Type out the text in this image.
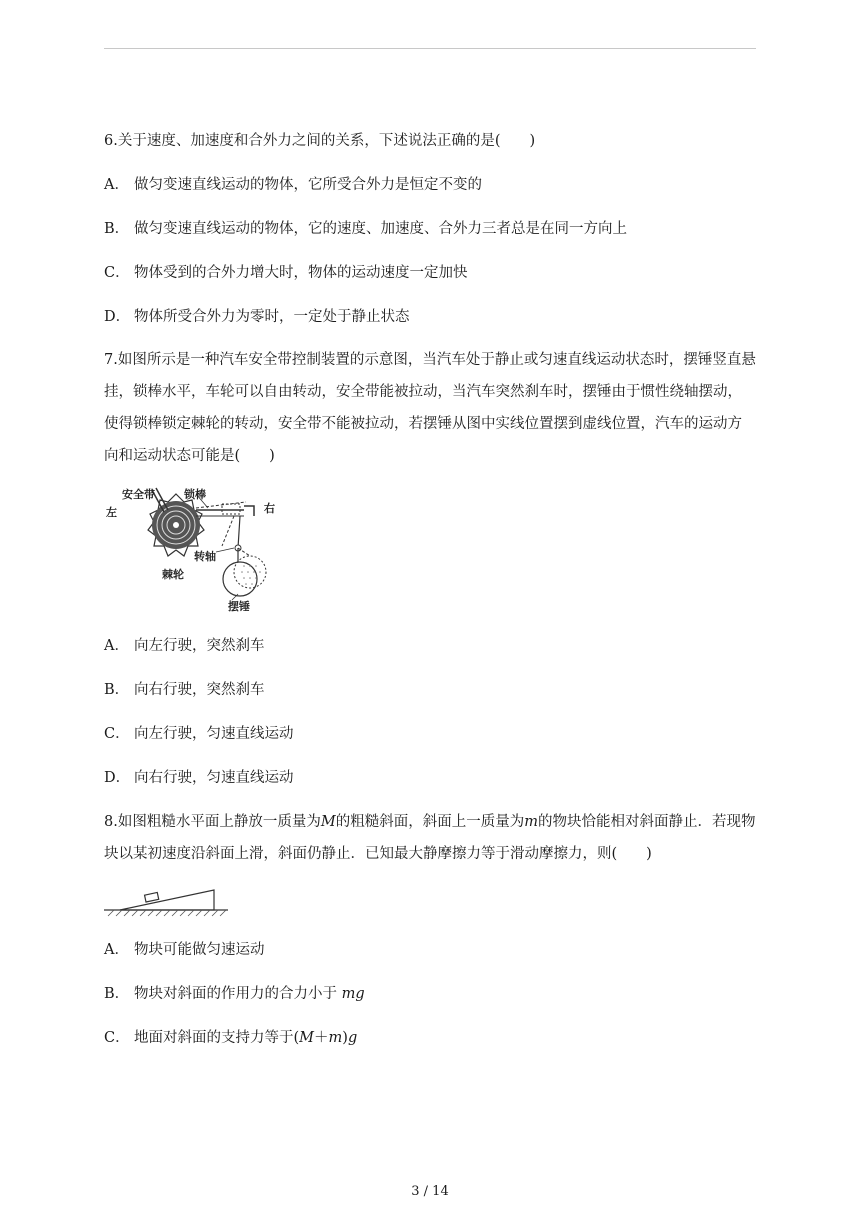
6.关于速度、加速度和合外力之间的关系，下述说法正确的是(　　)
A． 做匀变速直线运动的物体，它所受合外力是恒定不变的
B． 做匀变速直线运动的物体，它的速度、加速度、合外力三者总是在同一方向上
C． 物体受到的合外力增大时，物体的运动速度一定加快
D． 物体所受合外力为零时，一定处于静止状态
7.如图所示是一种汽车安全带控制装置的示意图，当汽车处于静止或匀速直线运动状态时，摆锤竖直悬挂，锁棒水平，车轮可以自由转动，安全带能被拉动，当汽车突然刹车时，摆锤由于惯性绕轴摆动，使得锁棒锁定棘轮的转动，安全带不能被拉动，若摆锤从图中实线位置摆到虚线位置，汽车的运动方向和运动状态可能是(　　)
安全带	锁棒
左	右
转轴
棘轮
摆锤
A． 向左行驶，突然刹车
B． 向右行驶，突然刹车
C． 向左行驶，匀速直线运动
D． 向右行驶，匀速直线运动
8.如图粗糙水平面上静放一质量为M的粗糙斜面，斜面上一质量为m的物块恰能相对斜面静止．若现物块以某初速度沿斜面上滑，斜面仍静止．已知最大静摩擦力等于滑动摩擦力，则(　　)
A． 物块可能做匀速运动
B． 物块对斜面的作用力的合力小于 mg
C． 地面对斜面的支持力等于(M＋m)g
3 / 14
